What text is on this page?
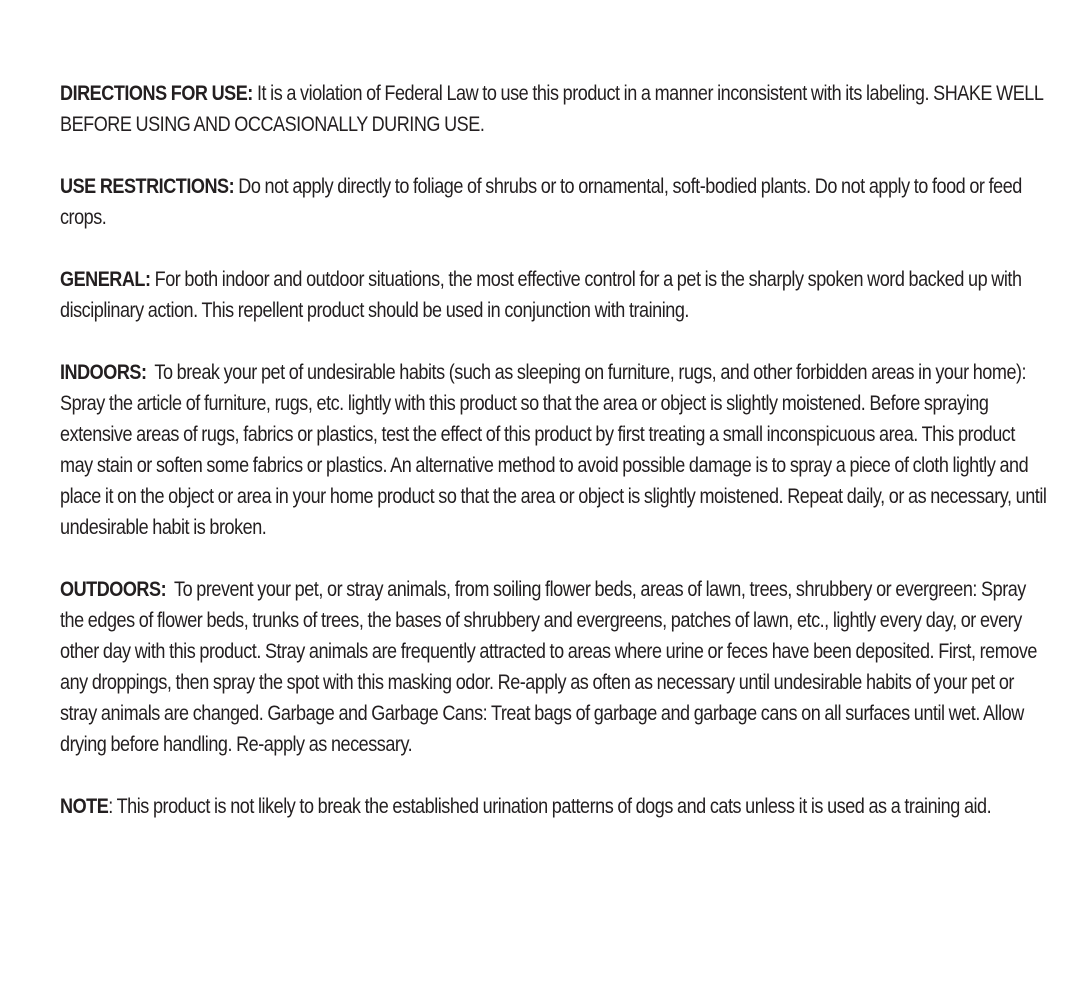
DIRECTIONS FOR USE: It is a violation of Federal Law to use this product in a manner inconsistent with its labeling. SHAKE WELL BEFORE USING AND OCCASIONALLY DURING USE.

USE RESTRICTIONS: Do not apply directly to foliage of shrubs or to ornamental, soft-bodied plants. Do not apply to food or feed crops.

GENERAL: For both indoor and outdoor situations, the most effective control for a pet is the sharply spoken word backed up with disciplinary action. This repellent product should be used in conjunction with training.

INDOORS:  To break your pet of undesirable habits (such as sleeping on furniture, rugs, and other forbidden areas in your home): Spray the article of furniture, rugs, etc. lightly with this product so that the area or object is slightly moistened. Before spraying extensive areas of rugs, fabrics or plastics, test the effect of this product by first treating a small inconspicuous area. This product may stain or soften some fabrics or plastics. An alternative method to avoid possible damage is to spray a piece of cloth lightly and place it on the object or area in your home product so that the area or object is slightly moistened. Repeat daily, or as necessary, until undesirable habit is broken.

OUTDOORS:  To prevent your pet, or stray animals, from soiling flower beds, areas of lawn, trees, shrubbery or evergreen: Spray the edges of flower beds, trunks of trees, the bases of shrubbery and evergreens, patches of lawn, etc., lightly every day, or every other day with this product. Stray animals are frequently attracted to areas where urine or feces have been deposited. First, remove any droppings, then spray the spot with this masking odor. Re-apply as often as necessary until undesirable habits of your pet or stray animals are changed. Garbage and Garbage Cans: Treat bags of garbage and garbage cans on all surfaces until wet. Allow drying before handling. Re-apply as necessary.

NOTE: This product is not likely to break the established urination patterns of dogs and cats unless it is used as a training aid.
